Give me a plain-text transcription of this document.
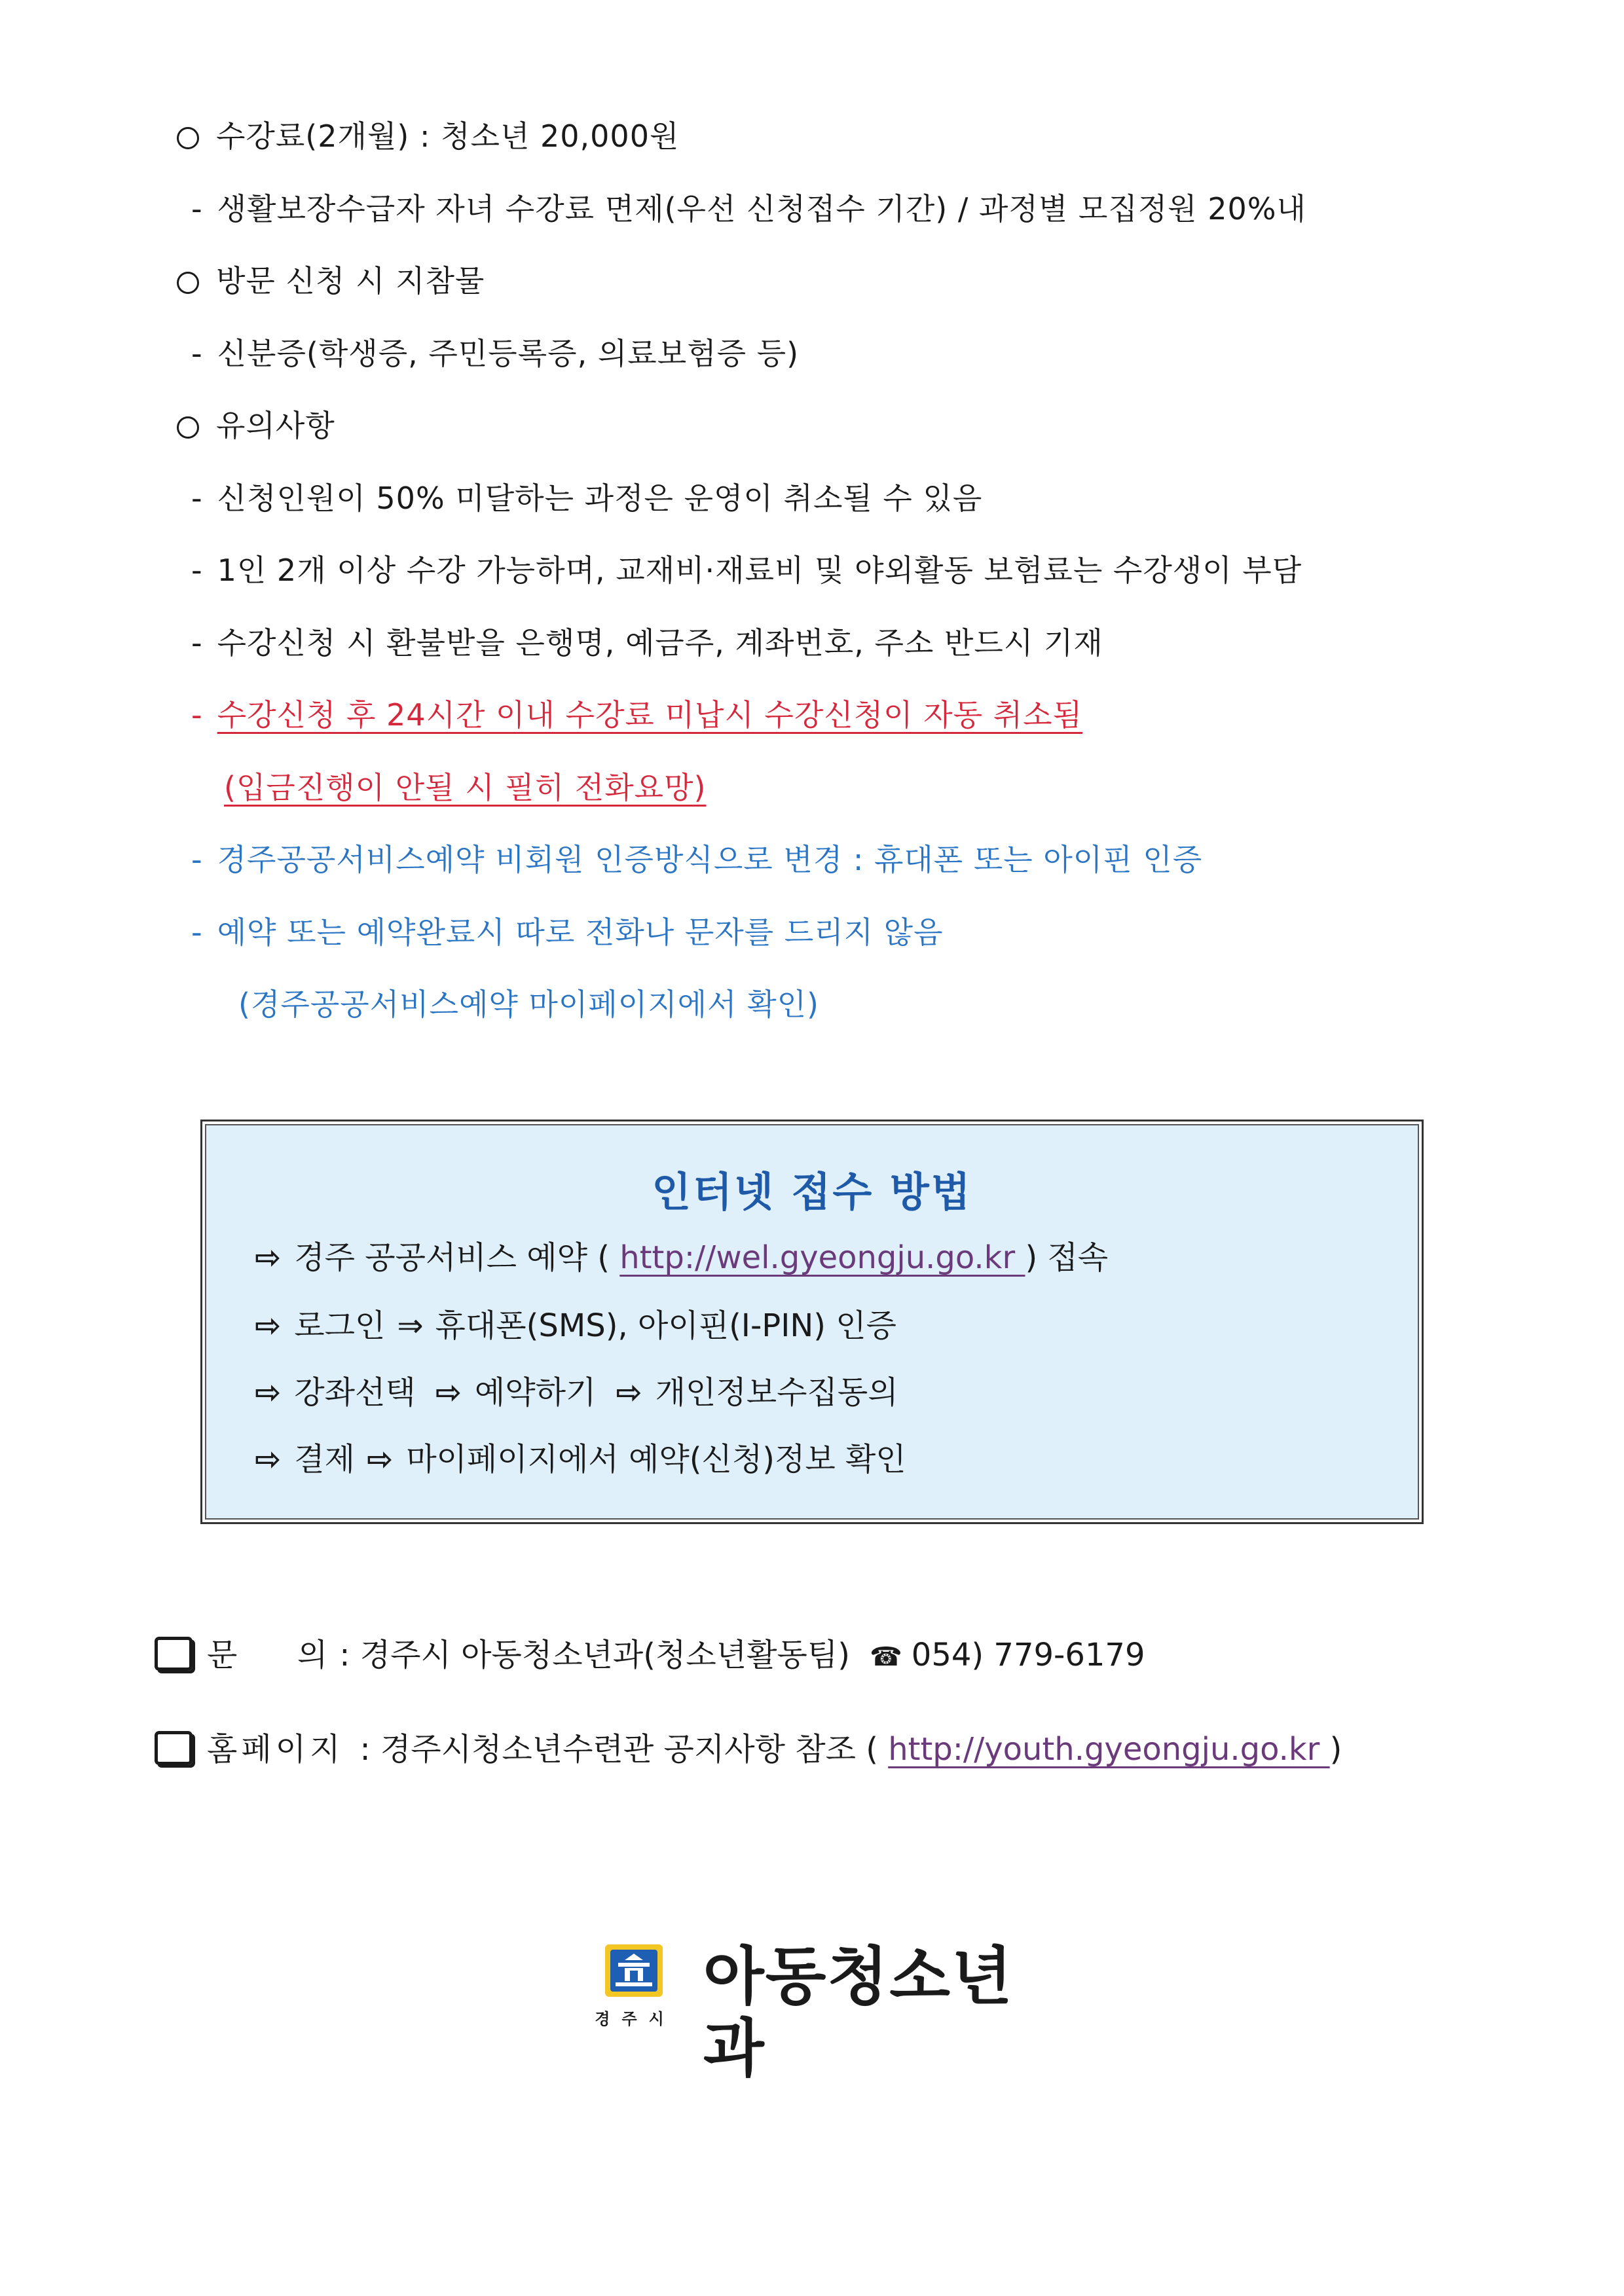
수강료(2개월) : 청소년 20,000원
- 생활보장수급자 자녀 수강료 면제(우선 신청접수 기간) / 과정별 모집정원 20%내
방문 신청 시 지참물
- 신분증(학생증, 주민등록증, 의료보험증 등)
유의사항
- 신청인원이 50% 미달하는 과정은 운영이 취소될 수 있음
- 1인 2개 이상 수강 가능하며, 교재비·재료비 및 야외활동 보험료는 수강생이 부담
- 수강신청 시 환불받을 은행명, 예금주, 계좌번호, 주소 반드시 기재
- 수강신청 후 24시간 이내 수강료 미납시 수강신청이 자동 취소됨
(입금진행이 안될 시 필히 전화요망)
- 경주공공서비스예약 비회원 인증방식으로 변경 : 휴대폰 또는 아이핀 인증
- 예약 또는 예약완료시 따로 전화나 문자를 드리지 않음
(경주공공서비스예약 마이페이지에서 확인)
인터넷 접수 방법
⇨ 경주 공공서비스 예약 ( http://wel.gyeongju.go.kr ) 접속
⇨ 로그인 ⇒ 휴대폰(SMS), 아이핀(I-PIN) 인증
⇨ 강좌선택 ⇨ 예약하기 ⇨ 개인정보수집동의
⇨ 결제 ⇨ 마이페이지에서 예약(신청)정보 확인
문      의 : 경주시 아동청소년과(청소년활동팀) ☎ 054) 779-6179
홈페이지 : 경주시청소년수련관 공지사항 참조 ( http://youth.gyeongju.go.kr )
경주시
아동청소년과
